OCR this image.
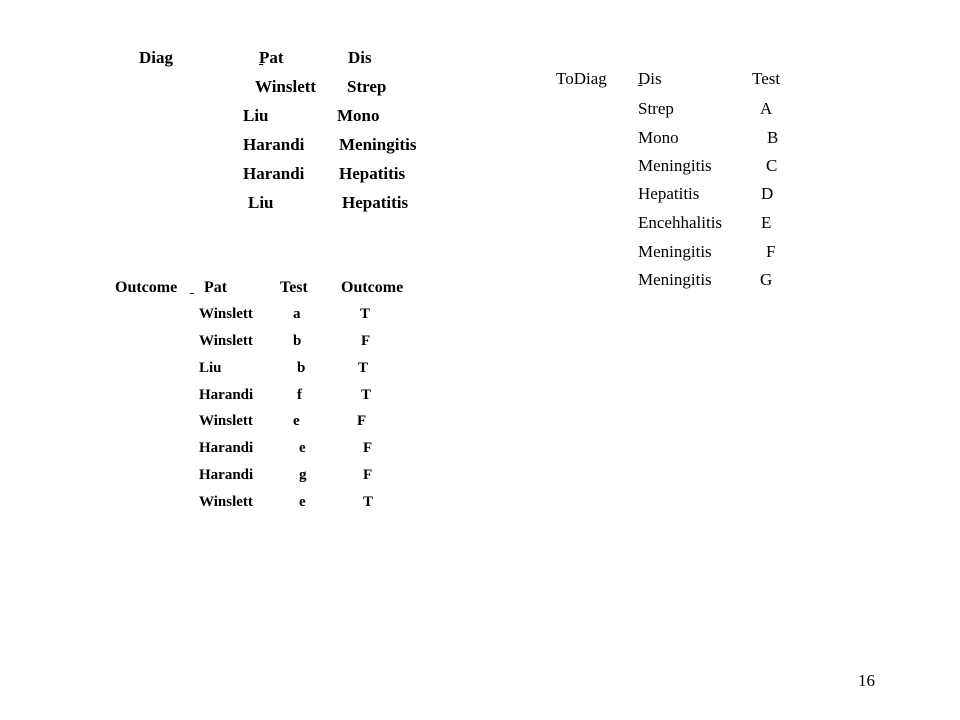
Diag
	Pat	Dis
Winslett Strep
Liu	Mono
Harandi Meningitis
Harandi Hepatitis
Liu	Hepatitis
Outcome
Pat	Test Outcome
Winslett	a	T
Winslett	b	F
Liu	b	T
Harandi	f	T
Winslett	e	F
Harandi	e	F
Harandi	g	F
Winslett	e	T
ToDiag
Dis	Test
Strep	A
Mono	B
Meningitis	C
Hepatitis	D
Encehhalitis E
Meningitis	F
Meningitis	G
16
